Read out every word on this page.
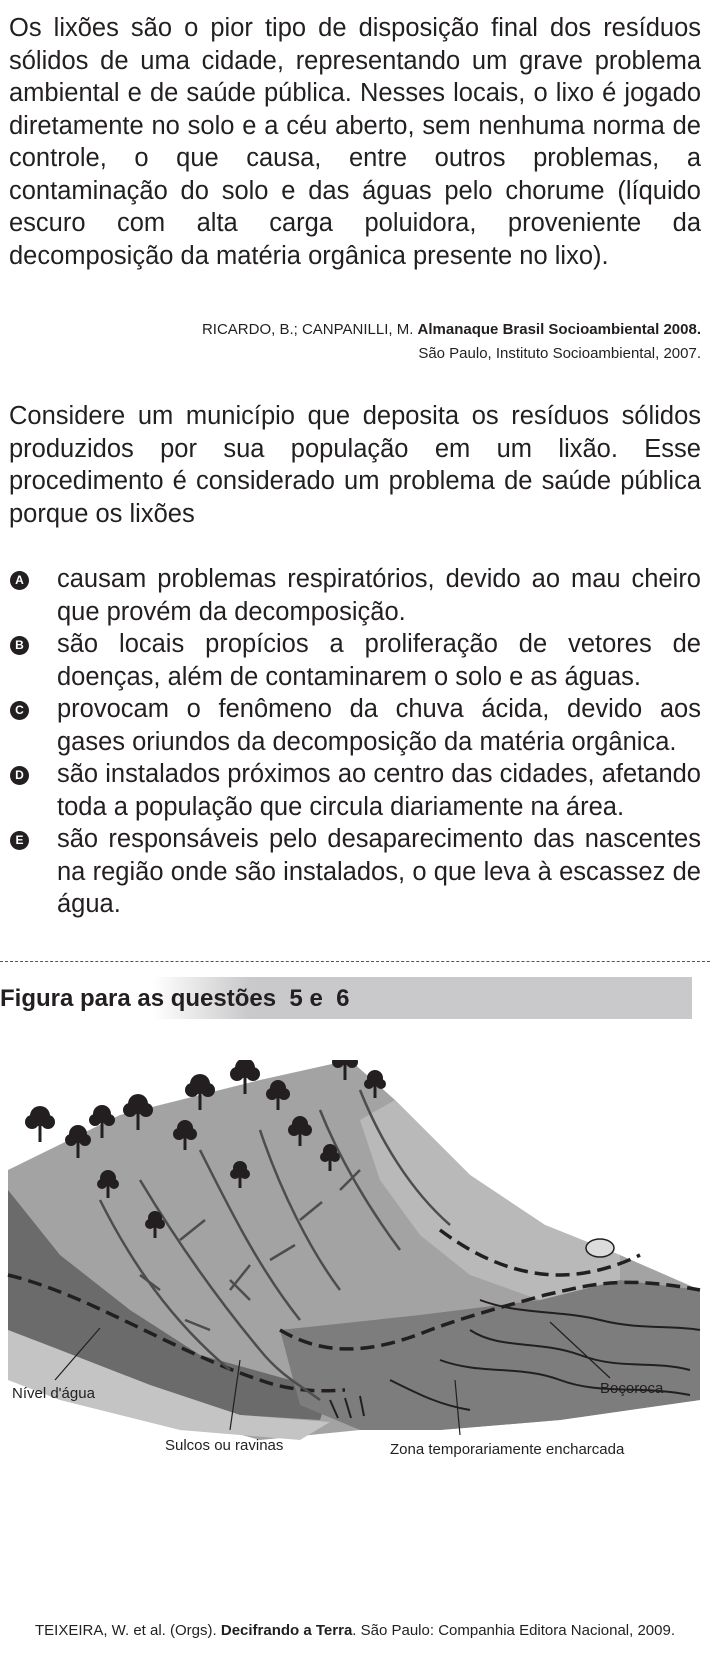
Os lixões são o pior tipo de disposição final dos resíduos sólidos de uma cidade, representando um grave problema ambiental e de saúde pública. Nesses locais, o lixo é jogado diretamente no solo e a céu aberto, sem nenhuma norma de controle, o que causa, entre outros problemas, a contaminação do solo e das águas pelo chorume (líquido escuro com alta carga poluidora, proveniente da decomposição da matéria orgânica presente no lixo).

RICARDO, B.; CANPANILLI, M. Almanaque Brasil Socioambiental 2008.

São Paulo, Instituto Socioambiental, 2007.

Considere um município que deposita os resíduos sólidos produzidos por sua população em um lixão. Esse procedimento é considerado um problema de saúde pública porque os lixões

A causam problemas respiratórios, devido ao mau cheiro que provém da decomposição.
B são locais propícios a proliferação de vetores de doenças, além de contaminarem o solo e as águas.
C provocam o fenômeno da chuva ácida, devido aos gases oriundos da decomposição da matéria orgânica.
D são instalados próximos ao centro das cidades, afetando toda a população que circula diariamente na área.
E são responsáveis pelo desaparecimento das nascentes na região onde são instalados, o que leva à escassez de água.
Figura para as questões  5 e  6
Nível d'água	Boçoroca
Sulcos ou ravinas	Zona temporariamente encharcada

TEIXEIRA, W. et al. (Orgs). Decifrando a Terra. São Paulo: Companhia Editora Nacional, 2009.
